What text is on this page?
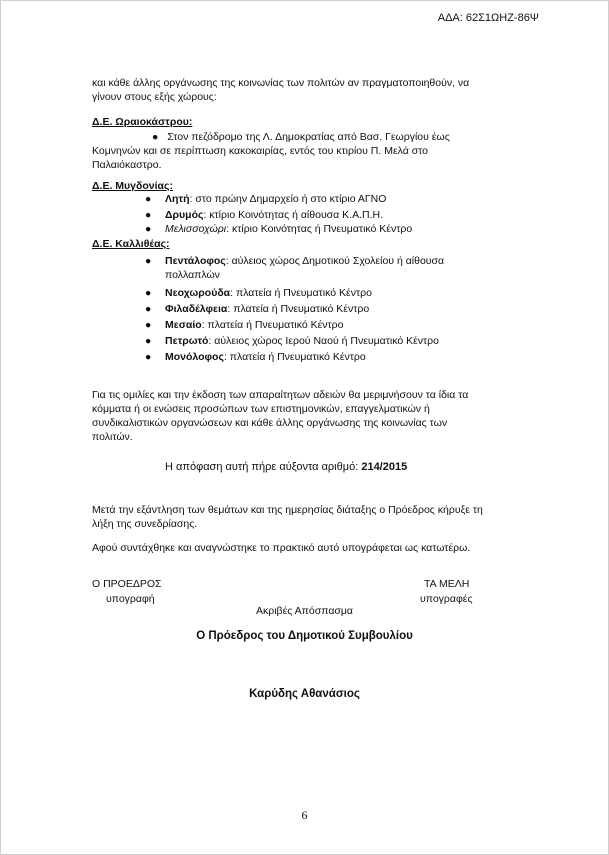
ΑΔΑ: 62Σ1ΩΗΖ-86Ψ
και κάθε άλλης οργάνωσης της κοινωνίας των πολιτών αν πραγματοποιηθούν, να
γίνουν στους εξής χώρους:
Δ.Ε. Ωραιοκάστρου:
● Στον πεζόδρομο της Λ. Δημοκρατίας από Βασ. Γεωργίου έως
Κομνηνών και σε περίπτωση κακοκαιρίας, εντός του κτιρίου Π. Μελά στο
Παλαιόκαστρο.
Δ.Ε. Μυγδονίας:
● Λητή: στο πρώην Δημαρχείο ή στο κτίριο ΑΓΝΟ
● Δρυμός: κτίριο Κοινότητας ή αίθουσα Κ.Α.Π.Η.
● Μελισσοχώρι: κτίριο Κοινότητας ή Πνευματικό Κέντρο
Δ.Ε. Καλλιθέας:
● Πεντάλοφος: αύλειος χώρος Δημοτικού Σχολείου ή αίθουσα
πολλαπλών
● Νεοχωρούδα: πλατεία ή Πνευματικό Κέντρο
● Φιλαδέλφεια: πλατεία ή Πνευματικό Κέντρο
● Μεσαίο: πλατεία ή Πνευματικό Κέντρο
● Πετρωτό: αύλειος χώρος Ιερού Ναού ή Πνευματικό Κέντρο
● Μονόλοφος: πλατεία ή Πνευματικό Κέντρο
Για τις ομιλίες και την έκδοση των απαραίτητων αδειών θα μεριμνήσουν τα ίδια τα
κόμματα ή οι ενώσεις προσώπων των επιστημονικών, επαγγελματικών ή
συνδικαλιστικών οργανώσεων και κάθε άλλης οργάνωσης της κοινωνίας των
πολιτών.
Η απόφαση αυτή πήρε αύξοντα αριθμό: 214/2015
Μετά την εξάντληση των θεμάτων και της ημερησίας διάταξης ο Πρόεδρος κήρυξε τη
λήξη της συνεδρίασης.
Αφού συντάχθηκε και αναγνώστηκε το πρακτικό αυτό υπογράφεται ως κατωτέρω.
Ο ΠΡΟΕΔΡΟΣ
υπογραφή
ΤΑ ΜΕΛΗ
υπογραφές
Ακριβές Απόσπασμα
Ο Πρόεδρος του Δημοτικού Συμβουλίου
Καρύδης Αθανάσιος
6
